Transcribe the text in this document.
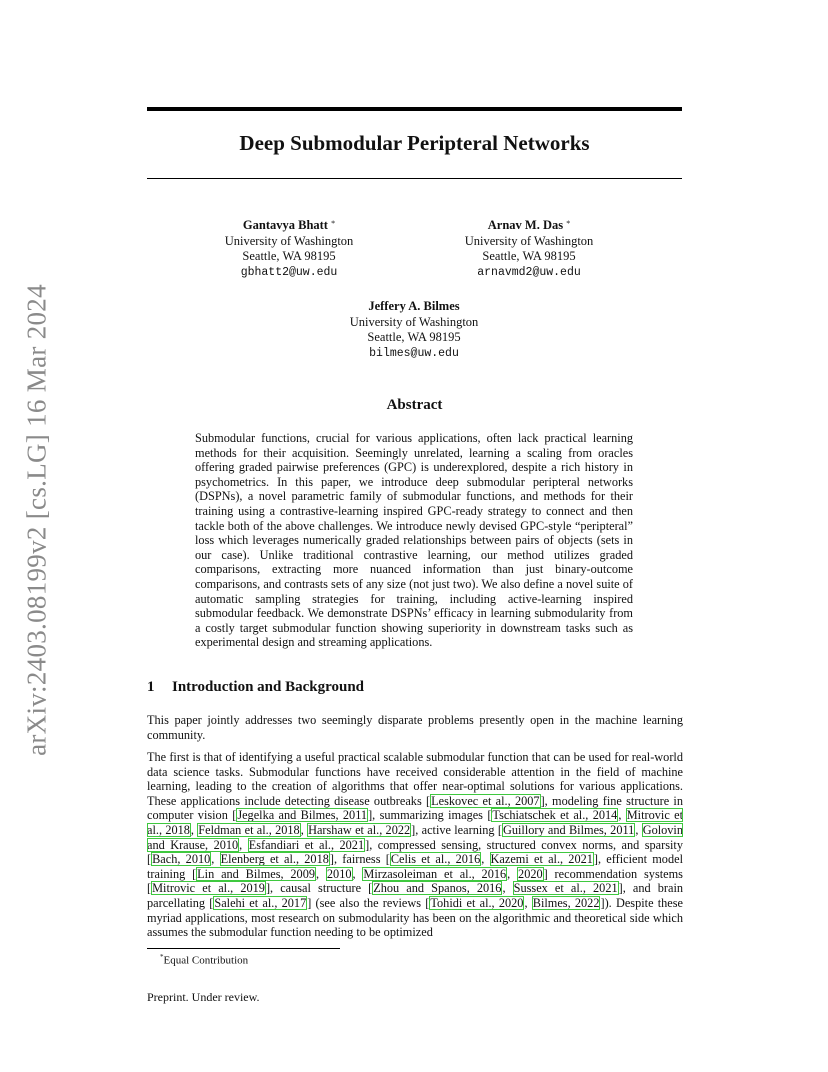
arXiv:2403.08199v2 [cs.LG] 16 Mar 2024
Deep Submodular Peripteral Networks
Gantavya Bhatt *
University of Washington
Seattle, WA 98195
gbhatt2@uw.edu
Arnav M. Das *
University of Washington
Seattle, WA 98195
arnavmd2@uw.edu
Jeffery A. Bilmes
University of Washington
Seattle, WA 98195
bilmes@uw.edu
Abstract
Submodular functions, crucial for various applications, often lack practical learning methods for their acquisition. Seemingly unrelated, learning a scaling from oracles offering graded pairwise preferences (GPC) is underexplored, despite a rich history in psychometrics. In this paper, we introduce deep submodular peripteral networks (DSPNs), a novel parametric family of submodular functions, and methods for their training using a contrastive-learning inspired GPC-ready strategy to connect and then tackle both of the above challenges. We introduce newly devised GPC-style “peripteral” loss which leverages numerically graded relationships between pairs of objects (sets in our case). Unlike traditional contrastive learning, our method utilizes graded comparisons, extracting more nuanced information than just binary-outcome comparisons, and contrasts sets of any size (not just two). We also define a novel suite of automatic sampling strategies for training, including active-learning inspired submodular feedback. We demonstrate DSPNs’ efficacy in learning submodularity from a costly target submodular function showing superiority in downstream tasks such as experimental design and streaming applications.
1 Introduction and Background
This paper jointly addresses two seemingly disparate problems presently open in the machine learning community.
The first is that of identifying a useful practical scalable submodular function that can be used for real-world data science tasks. Submodular functions have received considerable attention in the field of machine learning, leading to the creation of algorithms that offer near-optimal solutions for various applications. These applications include detecting disease outbreaks [Leskovec et al., 2007], modeling fine structure in computer vision [Jegelka and Bilmes, 2011], summarizing images [Tschiatschek et al., 2014, Mitrovic et al., 2018, Feldman et al., 2018, Harshaw et al., 2022], active learning [Guillory and Bilmes, 2011, Golovin and Krause, 2010, Esfandiari et al., 2021], compressed sensing, structured convex norms, and sparsity [Bach, 2010, Elenberg et al., 2018], fairness [Celis et al., 2016, Kazemi et al., 2021], efficient model training [Lin and Bilmes, 2009, 2010, Mirzasoleiman et al., 2016, 2020] recommendation systems [Mitrovic et al., 2019], causal structure [Zhou and Spanos, 2016, Sussex et al., 2021], and brain parcellating [Salehi et al., 2017] (see also the reviews [Tohidi et al., 2020, Bilmes, 2022]). Despite these myriad applications, most research on submodularity has been on the algorithmic and theoretical side which assumes the submodular function needing to be optimized
*Equal Contribution
Preprint. Under review.
